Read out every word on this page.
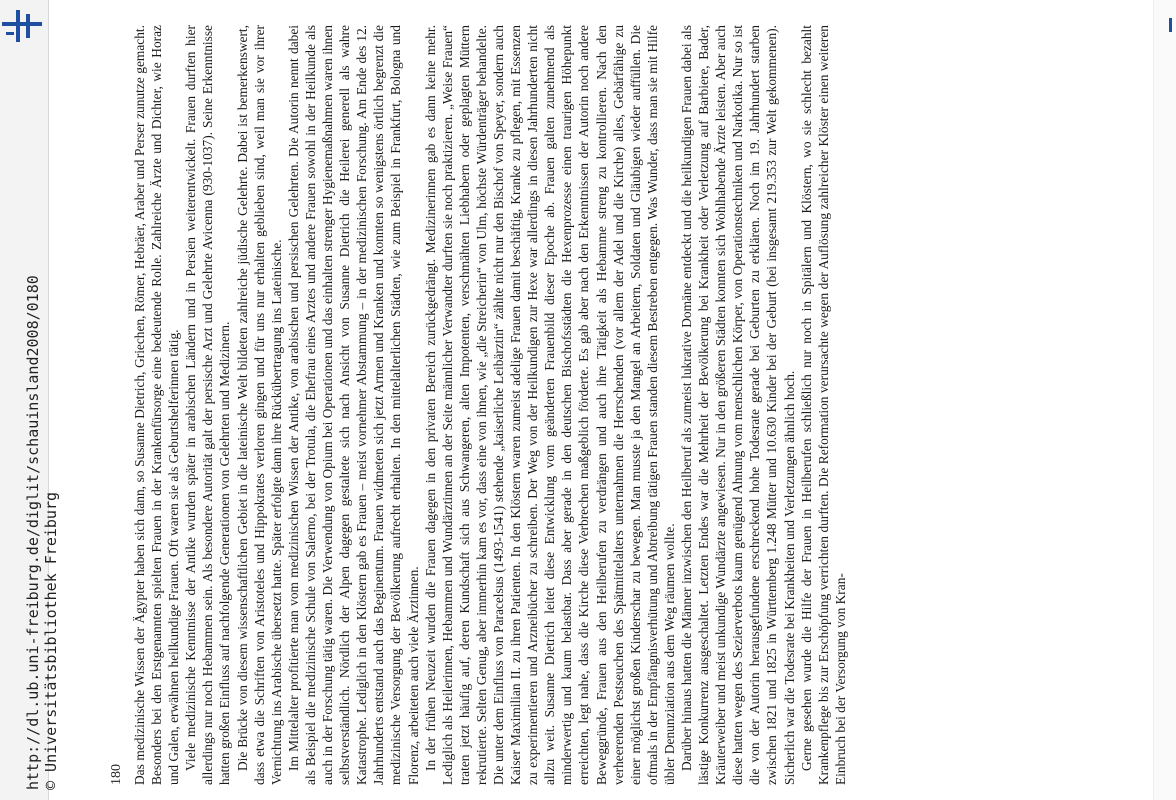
http://dl.ub.uni-freiburg.de/diglit/schauinsland2008/0180 © Universitätsbibliothek Freiburg	180 Das medizinische Wissen der Ägypter haben sich dann, so Susanne Dietrich, Griechen, Römer, Hebräer, Araber und Perser zunutze gemacht. Besonders bei den Erstgenannten spielten Frauen in der Krankenfürsorge eine bedeutende Rolle. Zahlreiche Ärzte und Dichter, wie Horaz und Galen, erwähnen heilkundige Frauen. Oft waren sie als Geburtshelferinnen tätig. Viele medizinische Kenntnisse der Antike wurden später in arabischen Ländern und in Persien weiterentwickelt. Frauen durften hier allerdings nur noch Hebammen sein. Als besondere Autorität galt der persische Arzt und Gelehrte Avicenna (930-1037). Seine Erkenntnisse hatten großen Einfluss auf nachfolgende Generationen von Gelehrten und Medizinern. Die Brücke von diesem wissenschaftlichen Gebiet in die lateinische Welt bildeten zahlreiche jüdische Gelehrte. Dabei ist bemerkenswert, dass etwa die Schriften von Aristoteles und Hippokrates verloren gingen und für uns nur erhalten geblieben sind, weil man sie vor ihrer Vernichtung ins Arabische übersetzt hatte. Später erfolgte dann ihre Rückübertragung ins Lateinische. Im Mittelalter profitierte man vom medizinischen Wissen der Antike, von arabischen und persischen Gelehrten. Die Autorin nennt dabei als Beispiel die medizinische Schule von Salerno, bei der Trotula, die Ehefrau eines Arztes und andere Frauen sowohl in der Heilkunde als auch in der Forschung tätig waren. Die Verwendung von Opium bei Operationen und das einhalten strenger Hygienemaßnahmen waren ihnen selbstverständlich. Nördlich der Alpen dagegen gestaltete sich nach Ansicht von Susanne Dietrich die Heilerei generell als wahre Katastrophe. Lediglich in den Klöstern gab es Frauen – meist vornehmer Abstammung – in der medizinischen Forschung. Am Ende des 12. Jahrhunderts entstand auch das Beginentum. Frauen widmeten sich jetzt Armen und Kranken und konnten so wenigstens örtlich begrenzt die medizinische Versorgung der Bevölkerung aufrecht erhalten. In den mittelalterlichen Städten, wie zum Beispiel in Frankfurt, Bologna und Florenz, arbeiteten auch viele Ärztinnen. In der frühen Neuzeit wurden die Frauen dagegen in den privaten Bereich zurückgedrängt. Medizinerinnen gab es dann keine mehr. Lediglich als Heilerinnen, Hebammen und Wundärztinnen an der Seite männlicher Verwandter durften sie noch praktizieren. „Weise Frauen“ traten jetzt häufig auf, deren Kundschaft sich aus Schwangeren, alten Impotenten, verschmähten Liebhabern oder geplagten Müttern rekrutierte. Selten Genug, aber immerhin kam es vor, dass eine von ihnen, wie „die Streicherin“ von Ulm, höchste Würdenträger behandelte. Die unter dem Einfluss von Paracelsus (1493-1541) stehende „kaiserliche Leibärztin“ zählte nicht nur den Bischof von Speyer, sondern auch Kaiser Maximilian II. zu ihren Patienten. In den Klöstern waren zumeist adelige Frauen damit beschäftig, Kranke zu pflegen, mit Essenzen zu experimentieren und Arzneibücher zu schreiben. Der Weg von der Heilkundigen zur Hexe war allerdings in diesen Jahrhunderten nicht allzu weit. Susanne Dietrich leitet diese Entwicklung vom geänderten Frauenbild dieser Epoche ab. Frauen galten zunehmend als minderwertig und kaum belastbar. Dass aber gerade in den deutschen Bischofsstädten die Hexenprozesse einen traurigen Höhepunkt erreichten, legt nahe, dass die Kirche diese Verbrechen maßgeblich förderte. Es gab aber nach den Erkenntnissen der Autorin noch andere Beweggründe, Frauen aus den Heilberufen zu verdrängen und auch ihre Tätigkeit als Hebamme streng zu kontrollieren. Nach den verheerenden Pestseuchen des Spätmittelalters unternahmen die Herrschenden (vor allem der Adel und die Kirche) alles, Gebärfähige zu einer möglichst großen Kinderschar zu bewegen. Man musste ja den Mangel an Arbeitern, Soldaten und Gläubigen wieder auffüllen. Die oftmals in der Empfängnisverhütung und Abtreibung tätigen Frauen standen diesem Bestreben entgegen. Was Wunder, dass man sie mit Hilfe übler Denunziation aus dem Weg räumen wollte. Darüber hinaus hatten die Männer inzwischen den Heilberuf als zumeist lukrative Domäne entdeckt und die heilkundigen Frauen dabei als lästige Konkurrenz ausgeschaltet. Letzten Endes war die Mehrheit der Bevölkerung bei Krankheit oder Verletzung auf Barbiere, Bader, Kräuterweiber und meist unkundige Wundärzte angewiesen. Nur in den größeren Städten konnten sich Wohlhabende Ärzte leisten. Aber auch diese hatten wegen des Sezierverbots kaum genügend Ahnung vom menschlichen Körper, von Operationstechniken und Narkotika. Nur so ist die von der Autorin herausgefundene erschreckend hohe Todesrate gerade bei Geburten zu erklären. Noch im 19. Jahrhundert starben zwischen 1821 und 1825 in Württemberg 1.248 Mütter und 10.630 Kinder bei der Geburt (bei insgesamt 219.353 zur Welt gekommenen). Sicherlich war die Todesrate bei Krankheiten und Verletzungen ähnlich hoch. Gerne gesehen wurde die Hilfe der Frauen in Heilberufen schließlich nur noch in Spitälern und Klöstern, wo sie schlecht bezahlt Krankenpflege bis zur Erschöpfung verrichten durften. Die Reformation verursachte wegen der Auflösung zahlreicher Klöster einen weiteren Einbruch bei der Versorgung von Kran-
